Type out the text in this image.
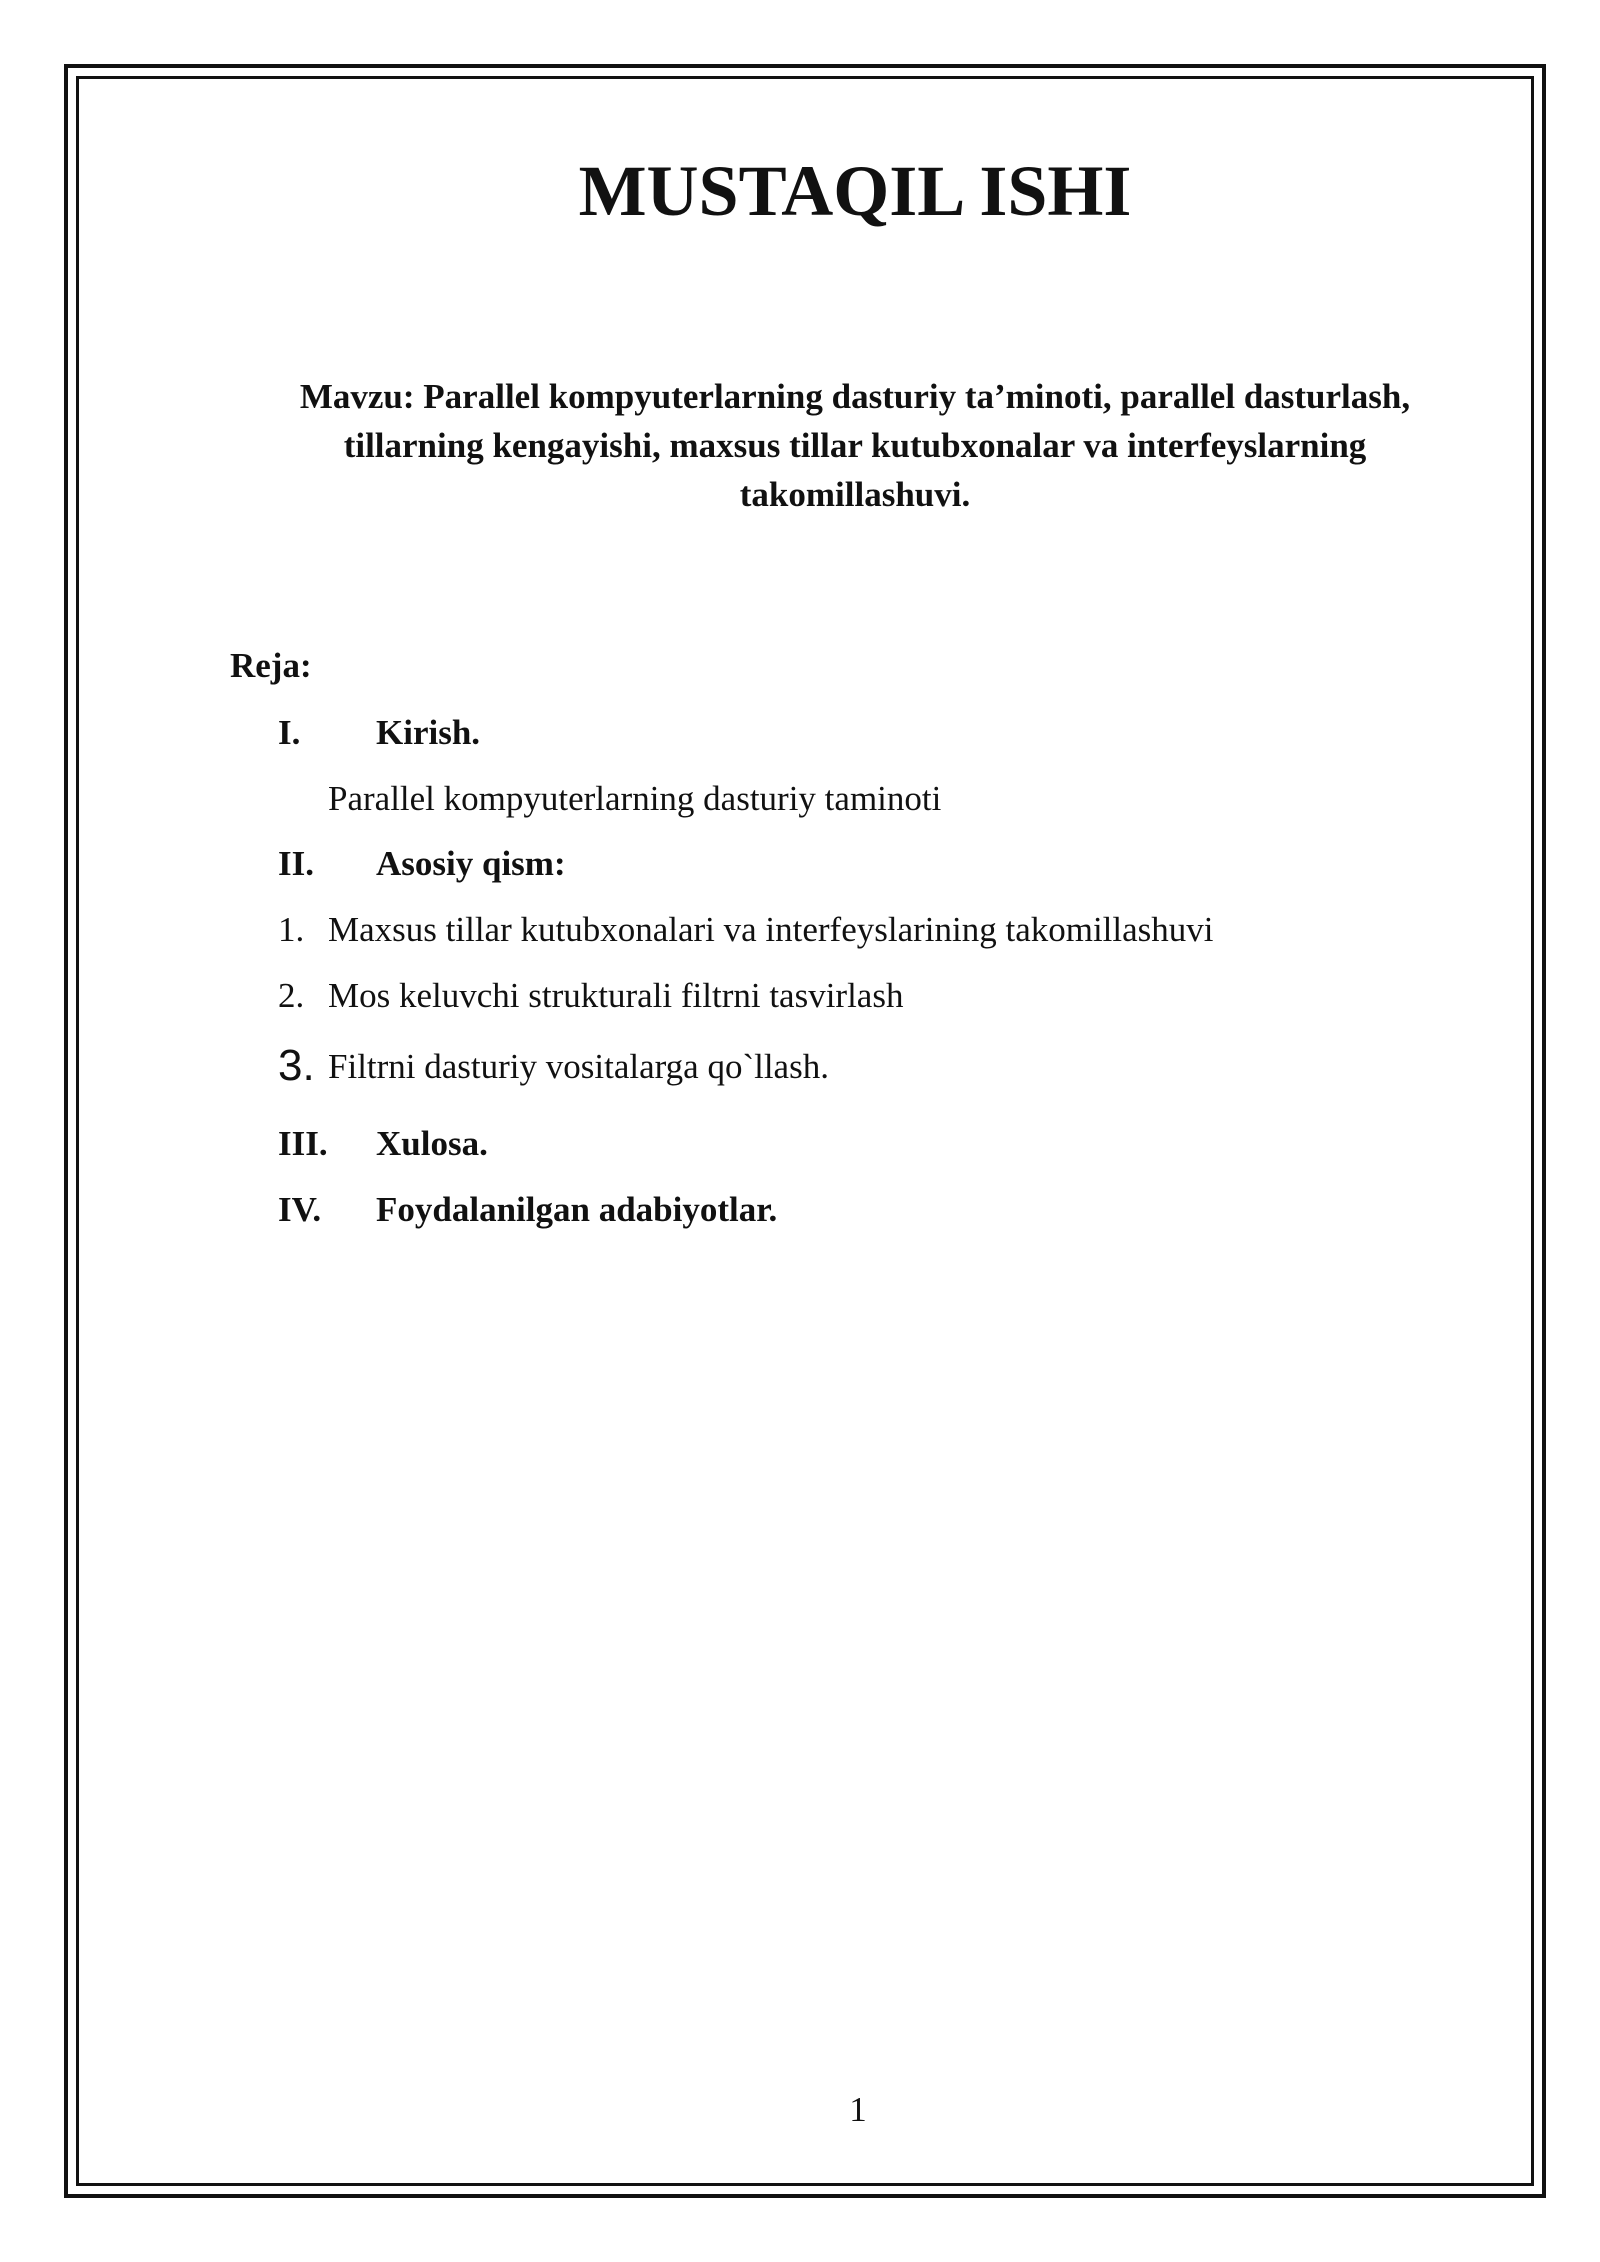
MUSTAQIL ISHI

Mavzu: Parallel kompyuterlarning dasturiy ta’minoti, parallel dasturlash, tillarning kengayishi, maxsus tillar kutubxonalar va interfeyslarning takomillashuvi.

Reja:

I. Kirish.
Parallel kompyuterlarning dasturiy taminoti
II. Asosiy qism:
1. Maxsus tillar kutubxonalari va interfeyslarining takomillashuvi
2. Mos keluvchi strukturali filtrni tasvirlash
3. Filtrni dasturiy vositalarga qo`llash.
III. Xulosa.
IV. Foydalanilgan adabiyotlar.
1
